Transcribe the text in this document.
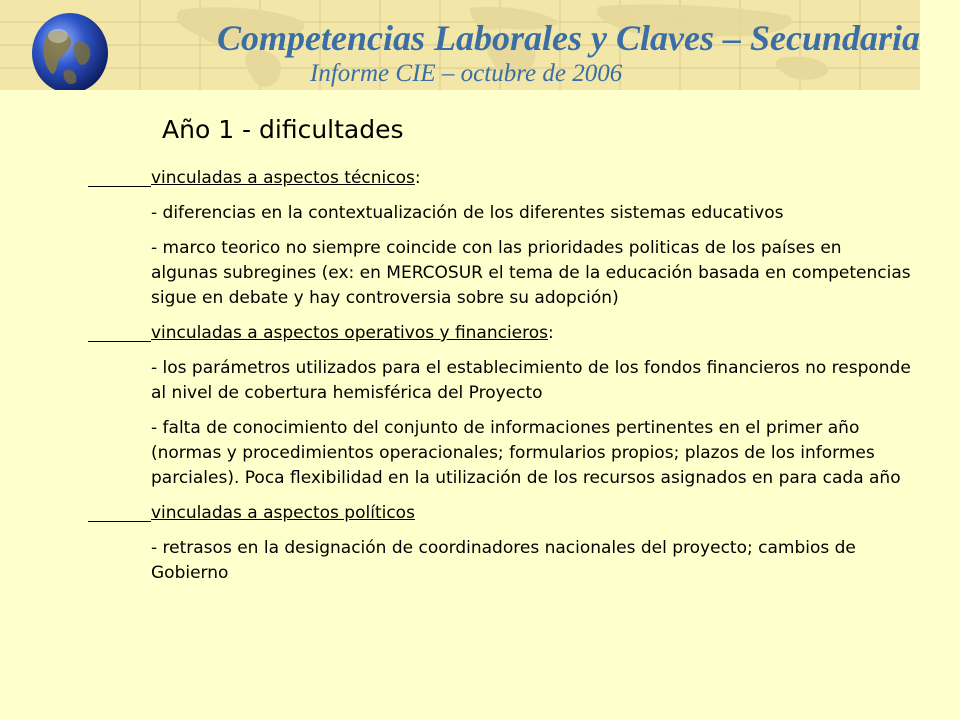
Competencias Laborales y Claves – Secundaria
Informe CIE – octubre de 2006
Año 1 - dificultades

vinculadas a aspectos técnicos:

- diferencias en la contextualización de los diferentes sistemas educativos

- marco teorico no siempre coincide con las prioridades politicas de los países en algunas subregines (ex: en MERCOSUR el tema de la educación basada en competencias sigue en debate y hay controversia sobre su adopción)

vinculadas a aspectos operativos y financieros:

- los parámetros utilizados para el establecimiento de los fondos financieros no responde al nivel de cobertura hemisférica del Proyecto

- falta de conocimiento del conjunto de informaciones pertinentes en el primer año (normas y procedimientos operacionales; formularios propios; plazos de los informes parciales). Poca flexibilidad en la utilización de los recursos asignados en para cada año

vinculadas a aspectos políticos

- retrasos en la designación de coordinadores nacionales del proyecto; cambios de Gobierno
